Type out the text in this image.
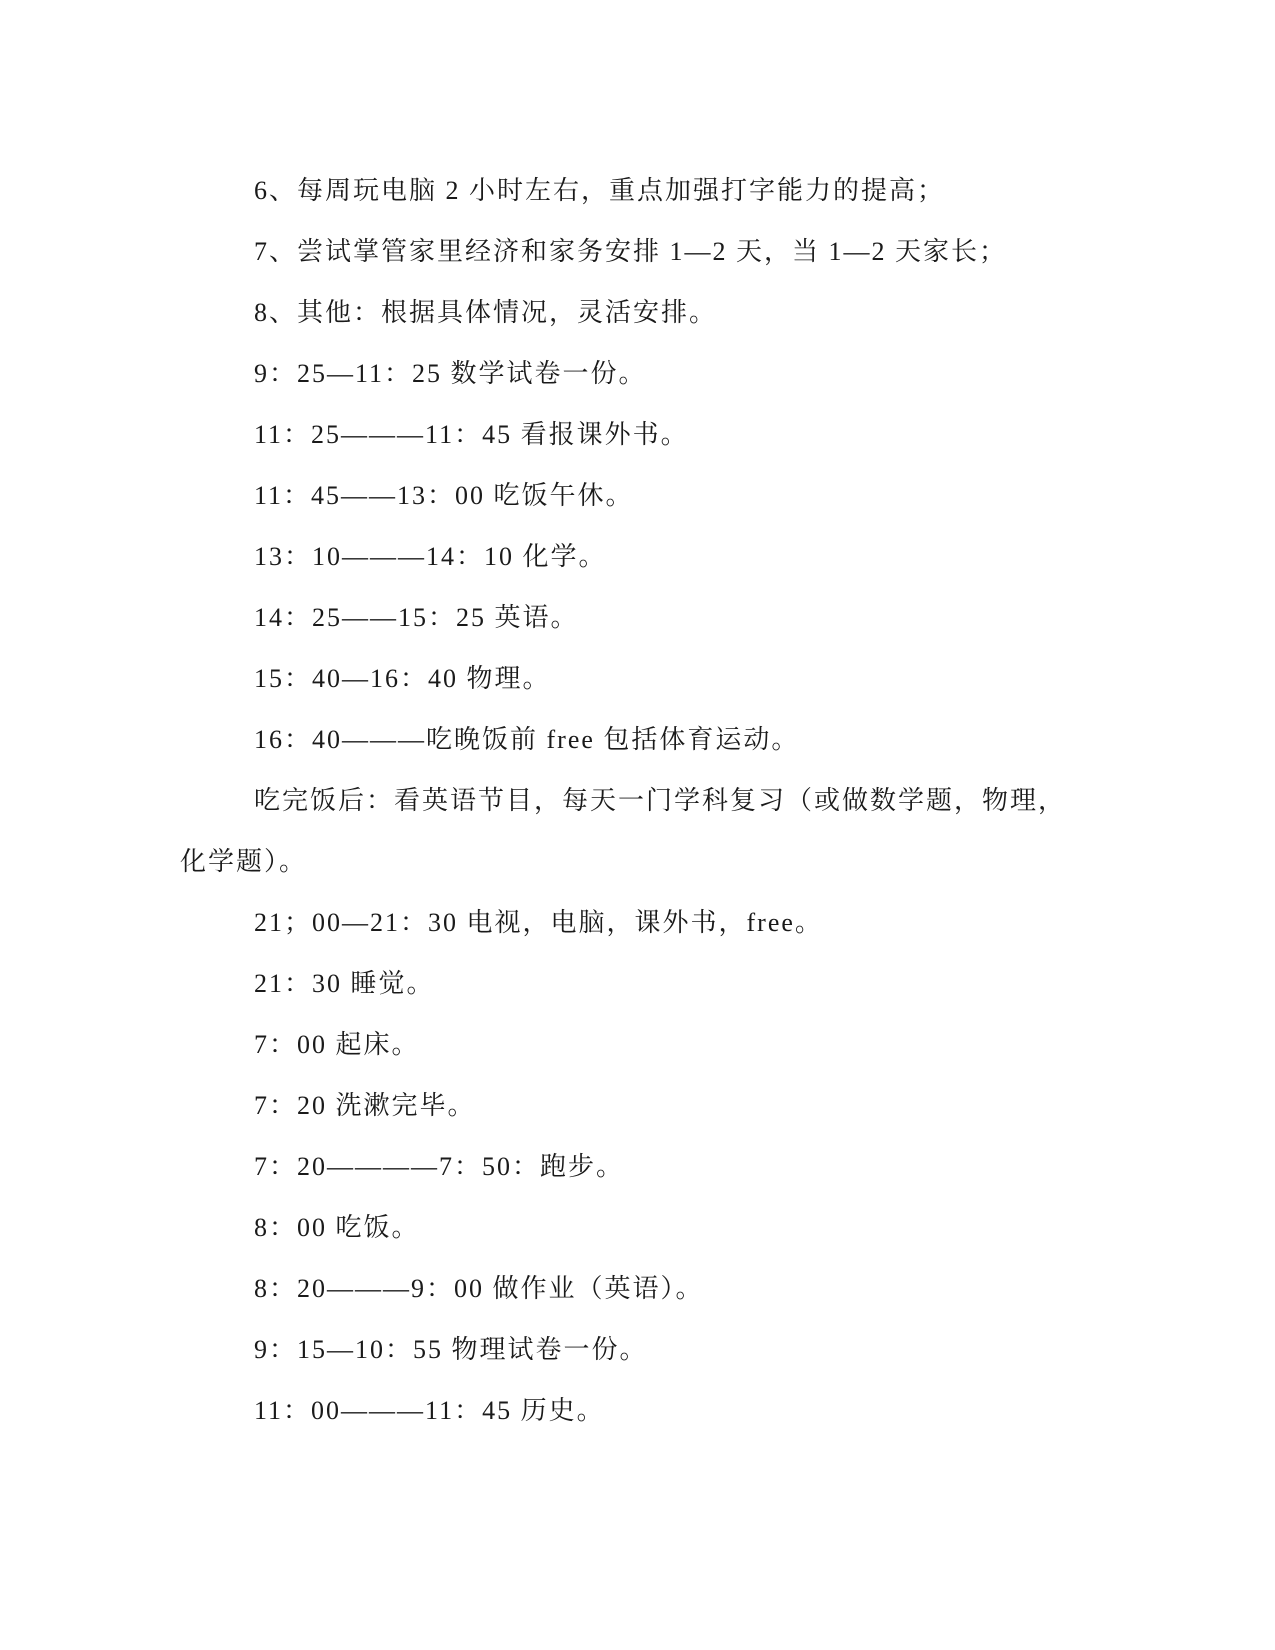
6、每周玩电脑 2 小时左右，重点加强打字能力的提高；
7、尝试掌管家里经济和家务安排 1—2 天，当 1—2 天家长；
8、其他：根据具体情况，灵活安排。
9：25—11：25 数学试卷一份。
11：25———11：45 看报课外书。
11：45——13：00 吃饭午休。
13：10———14：10 化学。
14：25——15：25 英语。
15：40—16：40 物理。
16：40———吃晚饭前 free 包括体育运动。
吃完饭后：看英语节目，每天一门学科复习（或做数学题，物理，化学题）。
21；00—21：30 电视，电脑，课外书，free。
21：30 睡觉。
7：00 起床。
7：20 洗漱完毕。
7：20————7：50：跑步。
8：00 吃饭。
8：20———9：00 做作业（英语）。
9：15—10：55 物理试卷一份。
11：00———11：45 历史。
